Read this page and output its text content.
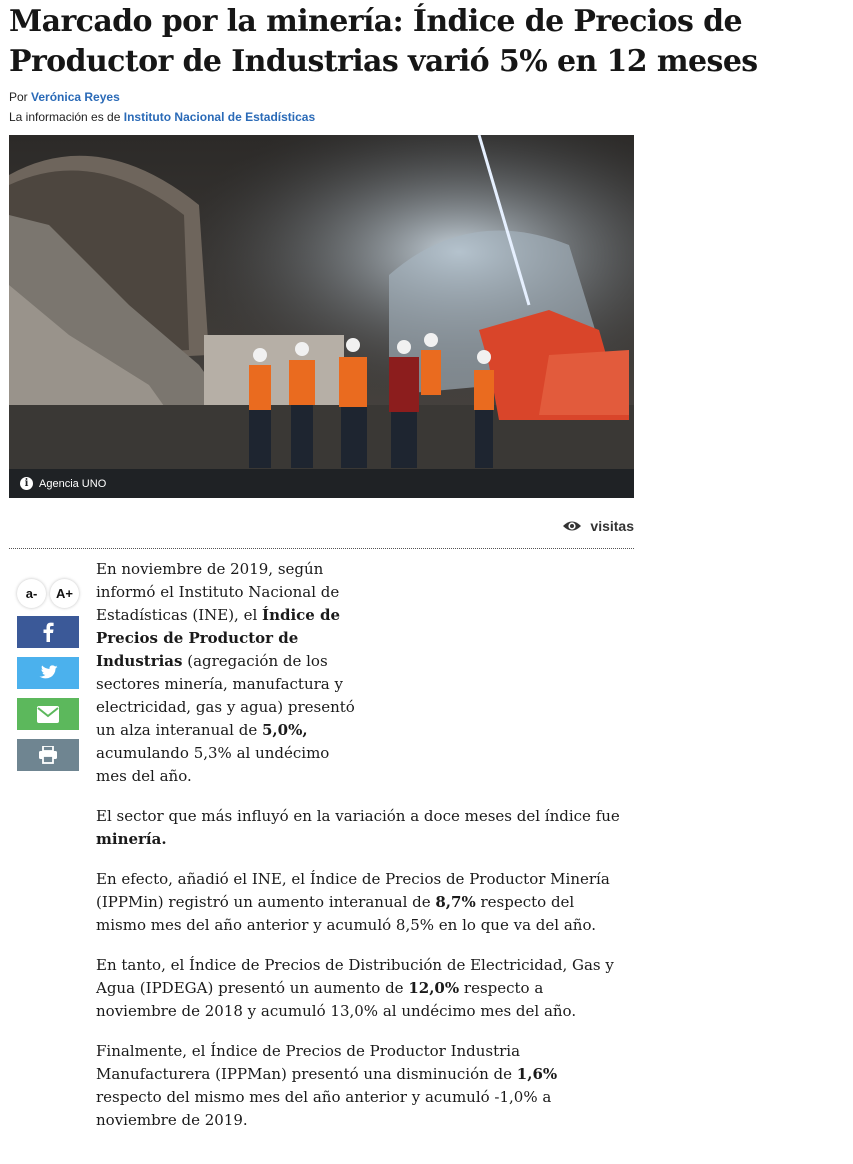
Marcado por la minería: Índice de Precios de Productor de Industrias varió 5% en 12 meses
Por Verónica Reyes
La información es de Instituto Nacional de Estadísticas
i Agencia UNO
visitas
a-	A+

En noviembre de 2019, según informó el Instituto Nacional de Estadísticas (INE), el Índice de Precios de Productor de Industrias (agregación de los sectores minería, manufactura y electricidad, gas y agua) presentó un alza interanual de 5,0%, acumulando 5,3% al undécimo mes del año.

El sector que más influyó en la variación a doce meses del índice fue minería.

En efecto, añadió el INE, el Índice de Precios de Productor Minería (IPPMin) registró un aumento interanual de 8,7% respecto del mismo mes del año anterior y acumuló 8,5% en lo que va del año.

En tanto, el Índice de Precios de Distribución de Electricidad, Gas y Agua (IPDEGA) presentó un aumento de 12,0% respecto a noviembre de 2018 y acumuló 13,0% al undécimo mes del año.

Finalmente, el Índice de Precios de Productor Industria Manufacturera (IPPMan) presentó una disminución de 1,6% respecto del mismo mes del año anterior y acumuló -1,0% a noviembre de 2019.
